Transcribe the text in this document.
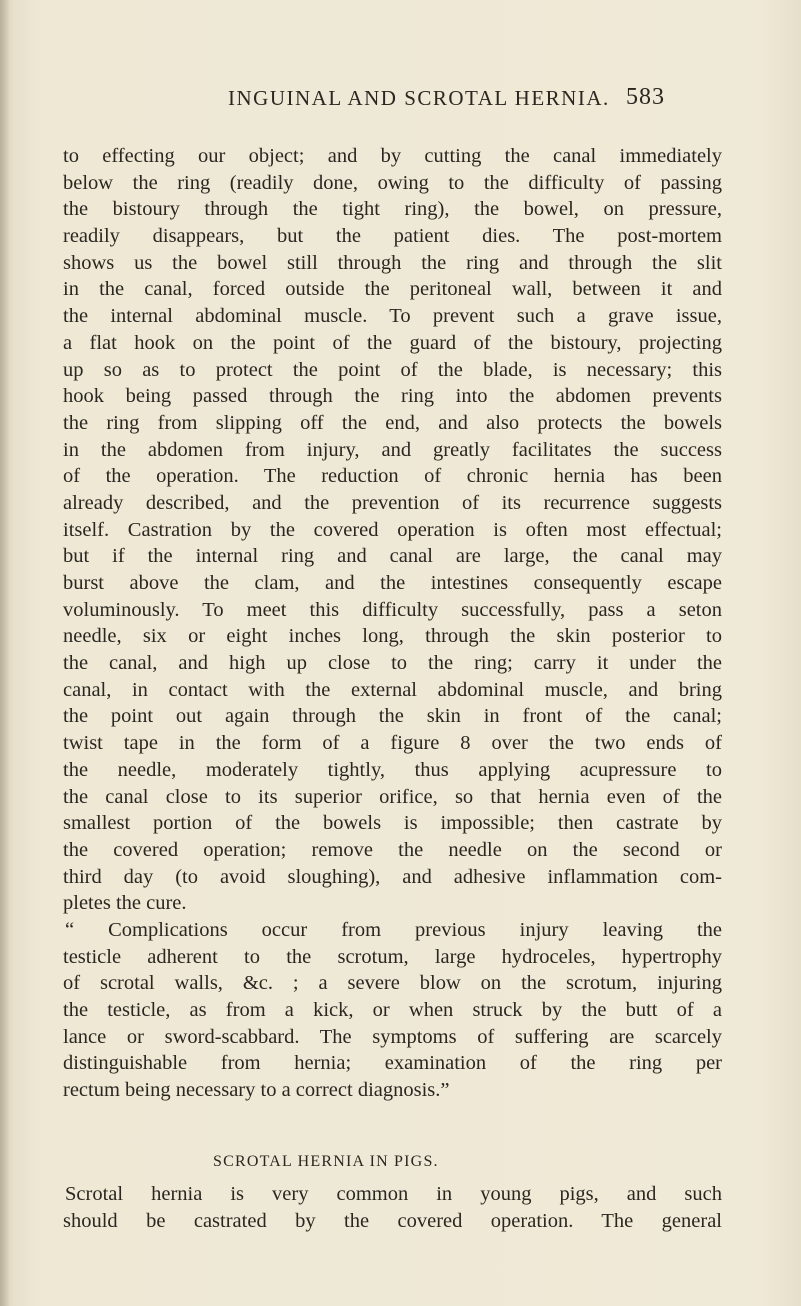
INGUINAL AND SCROTAL HERNIA. 583
to effecting our object; and by cutting the canal immediately
below the ring (readily done, owing to the difficulty of passing
the bistoury through the tight ring), the bowel, on pressure,
readily disappears, but the patient dies. The post-mortem
shows us the bowel still through the ring and through the slit
in the canal, forced outside the peritoneal wall, between it and
the internal abdominal muscle. To prevent such a grave issue,
a flat hook on the point of the guard of the bistoury, projecting
up so as to protect the point of the blade, is necessary; this
hook being passed through the ring into the abdomen prevents
the ring from slipping off the end, and also protects the bowels
in the abdomen from injury, and greatly facilitates the success
of the operation. The reduction of chronic hernia has been
already described, and the prevention of its recurrence suggests
itself. Castration by the covered operation is often most effectual;
but if the internal ring and canal are large, the canal may
burst above the clam, and the intestines consequently escape
voluminously. To meet this difficulty successfully, pass a seton
needle, six or eight inches long, through the skin posterior to
the canal, and high up close to the ring; carry it under the
canal, in contact with the external abdominal muscle, and bring
the point out again through the skin in front of the canal;
twist tape in the form of a figure 8 over the two ends of
the needle, moderately tightly, thus applying acupressure to
the canal close to its superior orifice, so that hernia even of the
smallest portion of the bowels is impossible; then castrate by
the covered operation; remove the needle on the second or
third day (to avoid sloughing), and adhesive inflammation com-
pletes the cure.
“ Complications occur from previous injury leaving the
testicle adherent to the scrotum, large hydroceles, hypertrophy
of scrotal walls, &c. ; a severe blow on the scrotum, injuring
the testicle, as from a kick, or when struck by the butt of a
lance or sword-scabbard. The symptoms of suffering are scarcely
distinguishable from hernia; examination of the ring per
rectum being necessary to a correct diagnosis.”
SCROTAL HERNIA IN PIGS.
Scrotal hernia is very common in young pigs, and such
should be castrated by the covered operation. The general
